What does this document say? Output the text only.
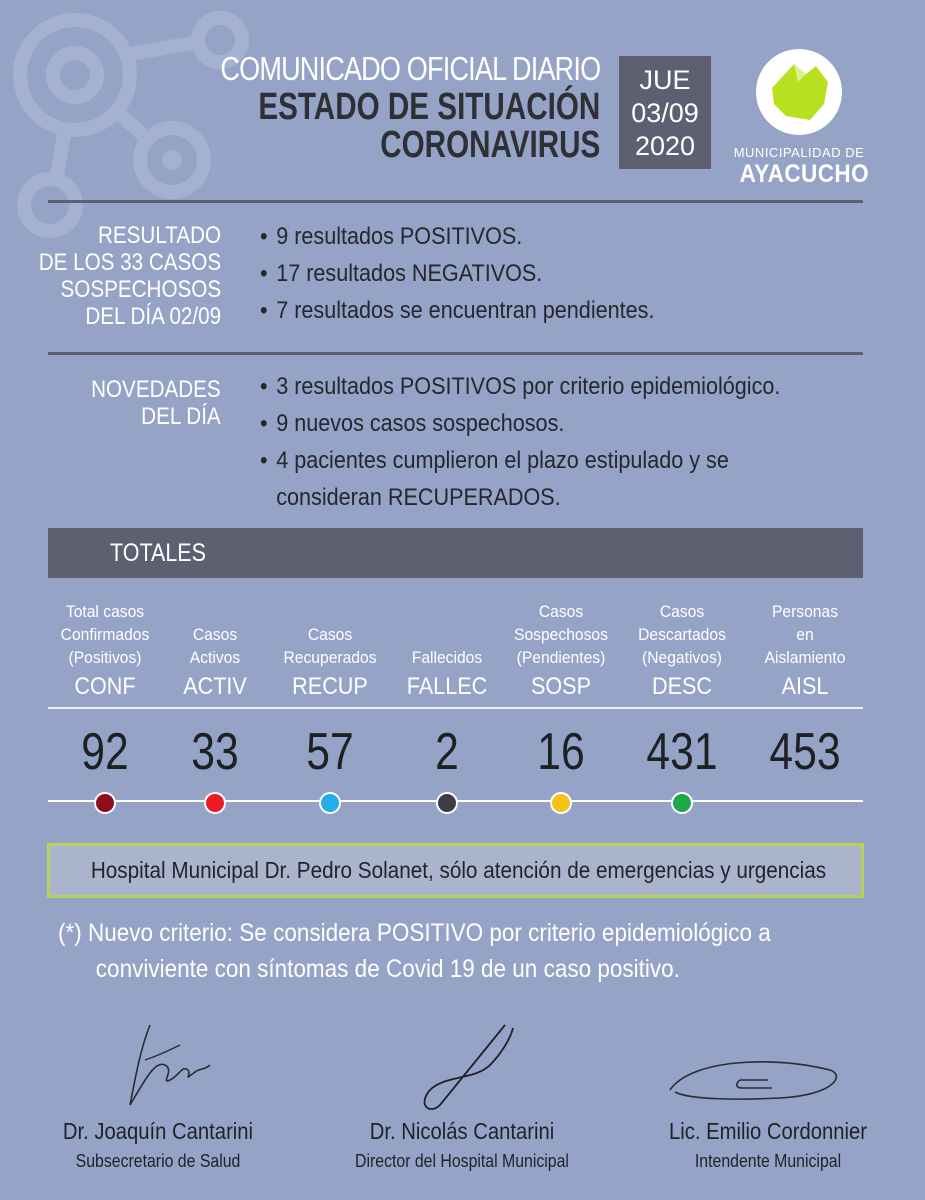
COMUNICADO OFICIAL DIARIO
ESTADO DE SITUACIÓN
CORONAVIRUS
JUE
03/09
2020	MUNICIPALIDAD DE
AYACUCHO
RESULTADO
DE LOS 33 CASOS
SOSPECHOSOS
DEL DÍA 02/09
• 9 resultados POSITIVOS.
• 17 resultados NEGATIVOS.
• 7 resultados se encuentran pendientes.
NOVEDADES
DEL DÍA
• 3 resultados POSITIVOS por criterio epidemiológico.
• 9 nuevos casos sospechosos.
• 4 pacientes cumplieron el plazo estipulado y se
consideran RECUPERADOS.
TOTALES
Total casos
Confirmados
(Positivos)
CONF
92
Casos
Activos
ACTIV
33
Casos
Recuperados
RECUP
57
Fallecidos
FALLEC
2
Casos
Sospechosos
(Pendientes)
SOSP
16
Casos
Descartados
(Negativos)
DESC
431
Personas
en
Aislamiento
AISL
453
Hospital Municipal Dr. Pedro Solanet, sólo atención de emergencias y urgencias
(*) Nuevo criterio: Se considera POSITIVO por criterio epidemiológico a
conviviente con síntomas de Covid 19 de un caso positivo.
Dr. Joaquín Cantarini
Subsecretario de Salud
Dr. Nicolás Cantarini
Director del Hospital Municipal
Lic. Emilio Cordonnier
Intendente Municipal
